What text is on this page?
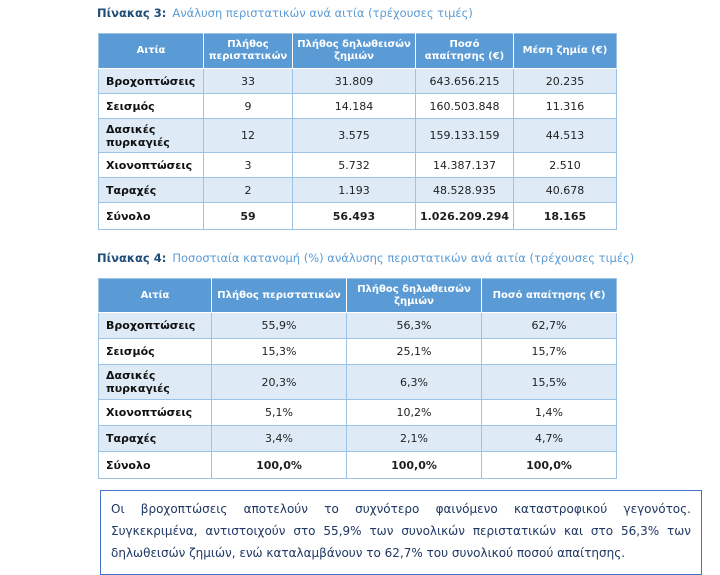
Πίνακας 3: Ανάλυση περιστατικών ανά αιτία (τρέχουσες τιμές)
Αιτία	Πλήθος περιστατικών	Πλήθος δηλωθεισών ζημιών	Ποσό απαίτησης (€)	Μέση ζημία (€)
Βροχοπτώσεις	33	31.809	643.656.215	20.235
Σεισμός	9	14.184	160.503.848	11.316
Δασικές πυρκαγιές	12	3.575	159.133.159	44.513
Χιονοπτώσεις	3	5.732	14.387.137	2.510
Ταραχές	2	1.193	48.528.935	40.678
Σύνολο	59	56.493	1.026.209.294	18.165
Πίνακας 4: Ποσοστιαία κατανομή (%) ανάλυσης περιστατικών ανά αιτία (τρέχουσες τιμές)
Αιτία	Πλήθος περιστατικών	Πλήθος δηλωθεισών ζημιών	Ποσό απαίτησης (€)
Βροχοπτώσεις	55,9%	56,3%	62,7%
Σεισμός	15,3%	25,1%	15,7%
Δασικές πυρκαγιές	20,3%	6,3%	15,5%
Χιονοπτώσεις	5,1%	10,2%	1,4%
Ταραχές	3,4%	2,1%	4,7%
Σύνολο	100,0%	100,0%	100,0%

Οι βροχοπτώσεις αποτελούν το συχνότερο φαινόμενο καταστροφικού γεγονότος. Συγκεκριμένα, αντιστοιχούν στο 55,9% των συνολικών περιστατικών και στο 56,3% των δηλωθεισών ζημιών, ενώ καταλαμβάνουν το 62,7% του συνολικού ποσού απαίτησης.
